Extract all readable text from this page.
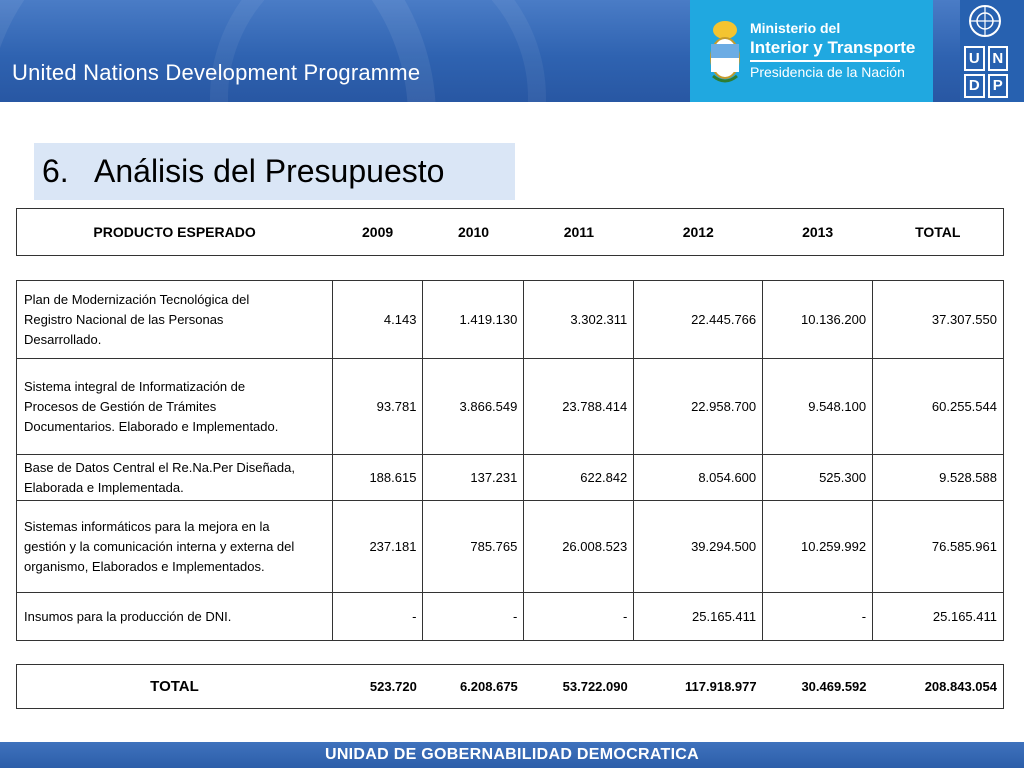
United Nations Development Programme
Ministerio del
Interior y Transporte
Presidencia de la Nación
U N
D P
6. Análisis del Presupuesto
PRODUCTO ESPERADO	2009	2010	2011	2012	2013	TOTAL
Plan de Modernización Tecnológica del
Registro Nacional de las Personas
Desarrollado.	4.143	1.419.130	3.302.311	22.445.766	10.136.200	37.307.550

Sistema integral de Informatización de
Procesos de Gestión de Trámites
Documentarios. Elaborado e Implementado.	93.781	3.866.549	23.788.414	22.958.700	9.548.100	60.255.544

Base de Datos Central el Re.Na.Per Diseñada,
Elaborada e Implementada.	188.615	137.231	622.842	8.054.600	525.300	9.528.588

Sistemas informáticos para la mejora en la
gestión y la comunicación interna y externa del
organismo, Elaborados e Implementados.	237.181	785.765	26.008.523	39.294.500	10.259.992	76.585.961

Insumos para la producción de DNI.	-	-	-	25.165.411	-	25.165.411
TOTAL	523.720	6.208.675	53.722.090	117.918.977	30.469.592	208.843.054
UNIDAD DE GOBERNABILIDAD DEMOCRATICA
